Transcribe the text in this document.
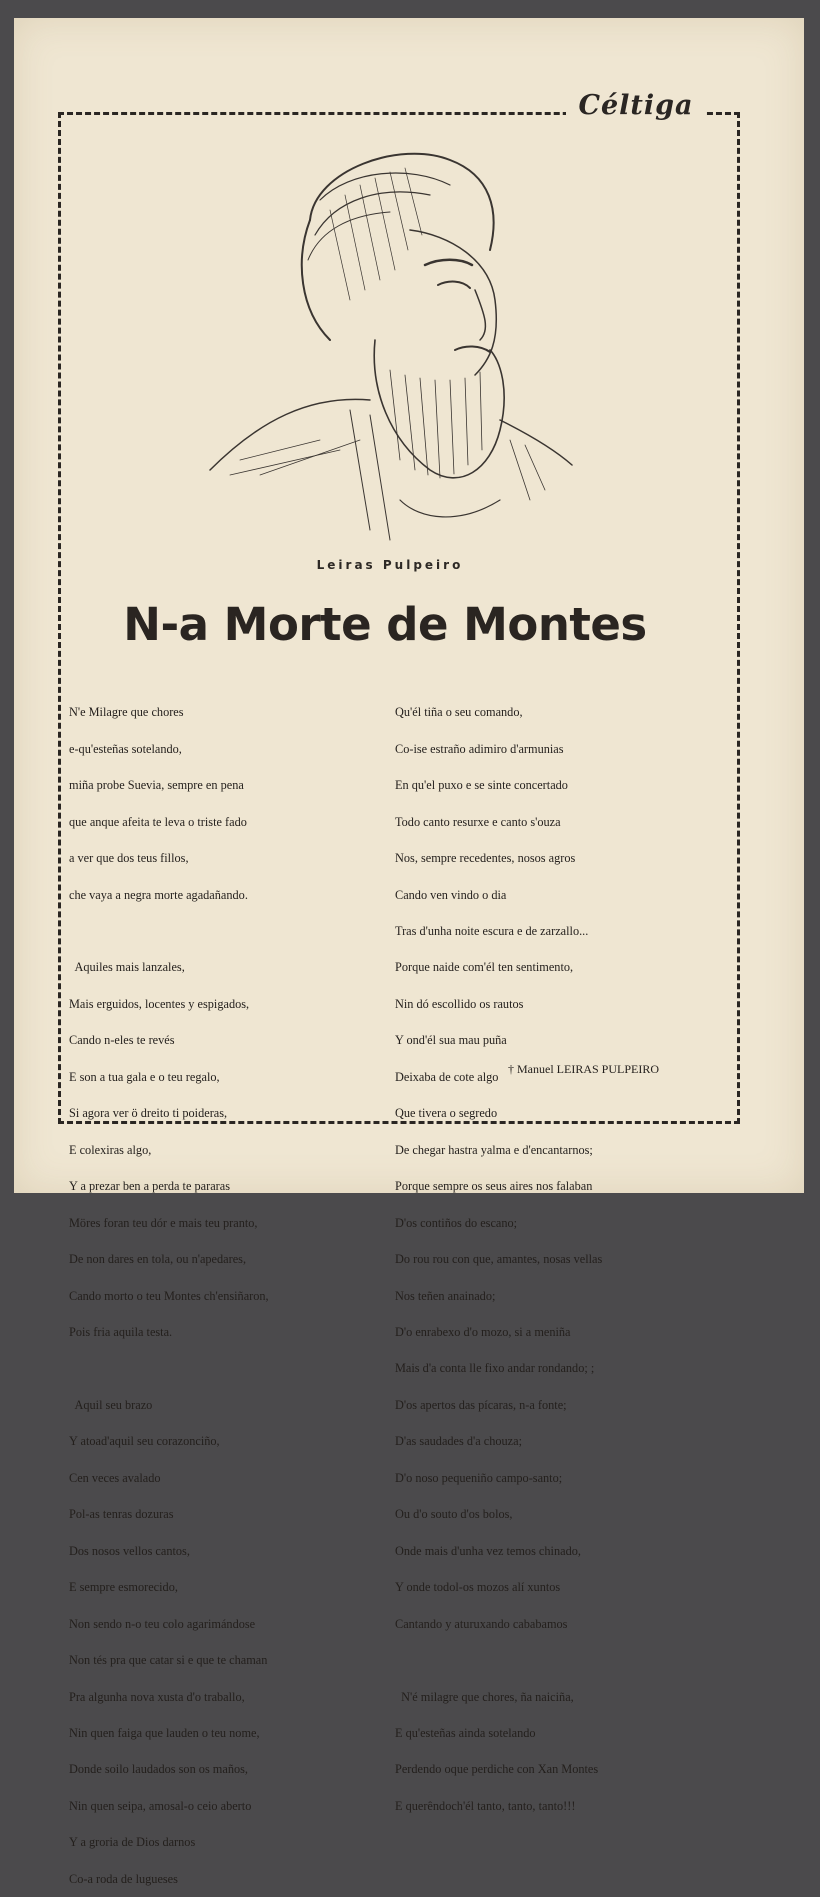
Céltiga
Leiras Pulpeiro
N-a Morte de Montes

N'e Milagre que chores

e-qu'esteñas sotelando,

miña probe Suevia, sempre en pena

que anque afeita te leva o triste fado

a ver que dos teus fillos,

che vaya a negra morte agadañando.

Aquiles mais lanzales,

Mais erguidos, locentes y espigados,

Cando n-eles te revés

E son a tua gala e o teu regalo,

Si agora ver ö dreito ti poideras,

E colexiras algo,

Y a prezar ben a perda te pararas

Möres foran teu dór e mais teu pranto,

De non dares en tola, ou n'apedares,

Cando morto o teu Montes ch'ensiñaron,

Pois fria aquila testa.

Aquil seu brazo

Y atoad'aquil seu corazonciño,

Cen veces avalado

Pol-as tenras dozuras

Dos nosos vellos cantos,

E sempre esmorecido,

Non sendo n-o teu colo agarimándose

Non tés pra que catar si e que te chaman

Pra algunha nova xusta d'o traballo,

Nin quen faiga que lauden o teu nome,

Donde soilo laudados son os maños,

Nin quen seipa, amosal-o ceio aberto

Y a groria de Dios darnos

Co-a roda de lugueses

Qu'él tiña o seu comando,

Co-ise estraño adimiro d'armunias

En qu'el puxo e se sinte concertado

Todo canto resurxe e canto s'ouza

Nos, sempre recedentes, nosos agros

Cando ven vindo o dia

Tras d'unha noite escura e de zarzallo...

Porque naide com'él ten sentimento,

Nin dó escollido os rautos

Y ond'él sua mau puña

Deixaba de cote algo

Que tivera o segredo

De chegar hastra yalma e d'encantarnos;

Porque sempre os seus aires nos falaban

D'os contiños do escano;

Do rou rou con que, amantes, nosas vellas

Nos teñen anainado;

D'o enrabexo d'o mozo, si a meniña

Mais d'a conta lle fixo andar rondando; ;

D'os apertos das pícaras, n-a fonte;

D'as saudades d'a chouza;

D'o noso pequeniño campo-santo;

Ou d'o souto d'os bolos,

Onde mais d'unha vez temos chinado,

Y onde todol-os mozos alí xuntos

Cantando y aturuxando cababamos

N'é milagre que chores, ña naiciña,

E qu'esteñas ainda sotelando

Perdendo oque perdiche con Xan Montes

E querêndoch'él tanto, tanto, tanto!!!

† Manuel LEIRAS PULPEIRO
